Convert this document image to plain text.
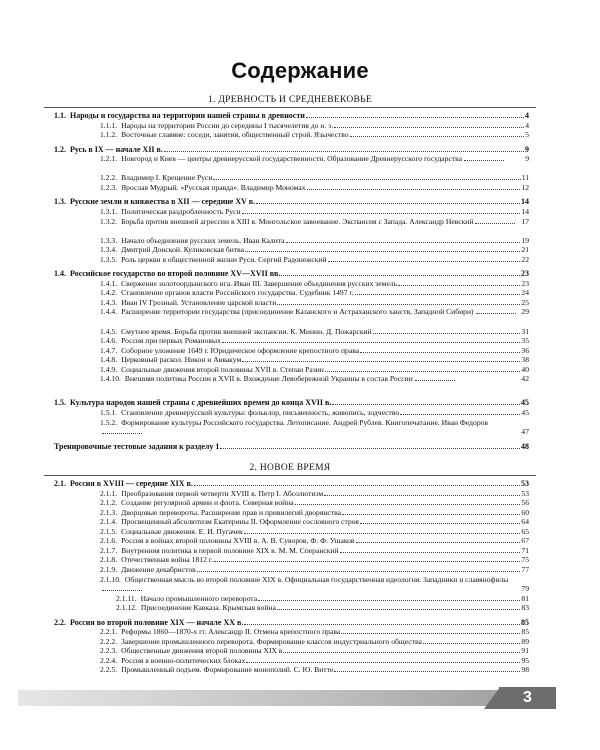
Содержание
1. ДРЕВНОСТЬ И СРЕДНЕВЕКОВЬЕ
1.1. Народы и государства на территории нашей страны в древности	4
1.1.1. Народы на территории России до середины I тысячелетия до н. э.	4
1.1.2. Восточные славяне: соседи, занятия, общественный строй. Язычество	5
1.2. Русь в IX — начале XII в.	9
1.2.1. Новгород и Киев — центры древнерусской государственности. Образование Древнерусского государства	9
1.2.2. Владимир I. Крещение Руси	11
1.2.3. Ярослав Мудрый. «Русская правда». Владимир Мономах	12
1.3. Русские земли и княжества в XII — середине XV в.	14
1.3.1. Политическая раздробленность Руси	14
1.3.2. Борьба против внешней агрессии в XIII в. Монгольское завоевание. Экспансия с Запада. Александр Невский	17
1.3.3. Начало объединения русских земель. Иван Калита	19
1.3.4. Дмитрий Донской. Куликовская битва	21
1.3.5. Роль церкви в общественной жизни Руси. Сергий Радонежский	22
1.4. Российское государство во второй половине XV—XVII вв.	23
1.4.1. Свержение золотоордынского ига. Иван III. Завершение объединения русских земель	23
1.4.2. Становление органов власти Российского государства. Судебник 1497 г.	24
1.4.3. Иван IV Грозный. Установление царской власти	25
1.4.4. Расширение территории государства (присоединение Казанского и Астраханского ханств, Западной Сибири)	29
1.4.5. Смутное время. Борьба против внешней экспансии. К. Минин. Д. Пожарский	31
1.4.6. Россия при первых Романовых	35
1.4.7. Соборное уложение 1649 г. Юридическое оформление крепостного права	36
1.4.8. Церковный раскол. Никон и Аввакум	38
1.4.9. Социальные движения второй половины XVII в. Степан Разин	40
1.4.10. Внешняя политика России в XVII в. Вхождение Левобережной Украины в состав России	42
1.5. Культура народов нашей страны с древнейших времен до конца XVII в.	45
1.5.1. Становление древнерусской культуры: фольклор, письменность, живопись, зодчество	45
1.5.2. Формирование культуры Российского государства. Летописание. Андрей Рублев. Книгопечатание. Иван Федоров
47
Тренировочные тестовые задания к разделу 1	48
2. НОВОЕ ВРЕМЯ
2.1. Россия в XVIII — середине XIX в.	53
2.1.1. Преобразования первой четверти XVIII в. Петр I. Абсолютизм	53
2.1.2. Создание регулярной армии и флота. Северная война	56
2.1.3. Дворцовые перевороты. Расширение прав и привилегий дворянства	60
2.1.4. Просвещенный абсолютизм Екатерины II. Оформление сословного строя	64
2.1.5. Социальные движения. Е. И. Пугачев	65
2.1.6. Россия в войнах второй половины XVIII в. А. В. Суворов, Ф. Ф. Ушаков	67
2.1.7. Внутренняя политика в первой половине XIX в. М. М. Сперанский	71
2.1.8. Отечественная война 1812 г.	75
2.1.9. Движение декабристов	77
2.1.10. Общественная мысль во второй половине XIX в. Официальная государственная идеология. Западники и славянофилы
79
2.1.11. Начало промышленного переворота	81
2.1.12. Присоединение Кавказа. Крымская война	83
2.2. Россия во второй половине XIX — начале XX в.	85
2.2.1. Реформы 1860—1870-х гг. Александр II. Отмена крепостного права	85
2.2.2. Завершение промышленного переворота. Формирование классов индустриального общества	89
2.2.3. Общественные движения второй половины XIX в.	91
2.2.4. Россия в военно-политических блоках	95
2.2.5. Промышленный подъем. Формирование монополий. С. Ю. Витте	98
3
